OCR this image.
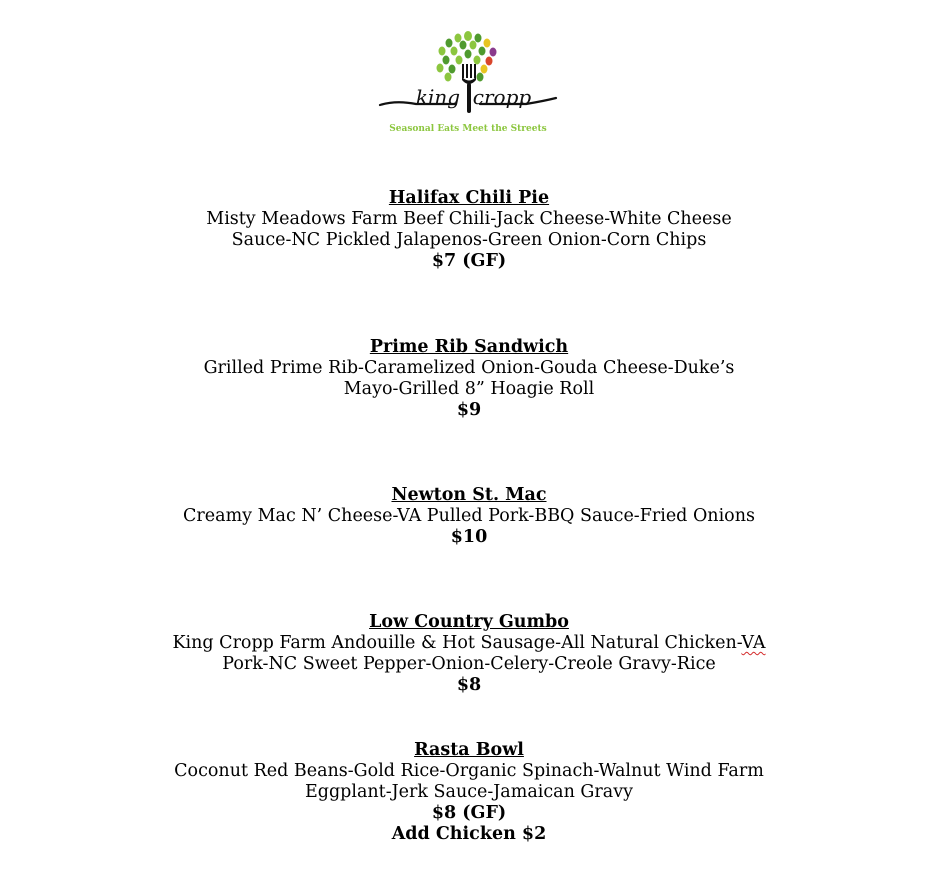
king cropp
Seasonal Eats Meet the Streets
Halifax Chili Pie
Misty Meadows Farm Beef Chili-Jack Cheese-White Cheese
Sauce-NC Pickled Jalapenos-Green Onion-Corn Chips
$7 (GF)
Prime Rib Sandwich
Grilled Prime Rib-Caramelized Onion-Gouda Cheese-Duke’s
Mayo-Grilled 8” Hoagie Roll
$9
Newton St. Mac
Creamy Mac N’ Cheese-VA Pulled Pork-BBQ Sauce-Fried Onions
$10
Low Country Gumbo
King Cropp Farm Andouille & Hot Sausage-All Natural Chicken-VA
Pork-NC Sweet Pepper-Onion-Celery-Creole Gravy-Rice
$8
Rasta Bowl
Coconut Red Beans-Gold Rice-Organic Spinach-Walnut Wind Farm
Eggplant-Jerk Sauce-Jamaican Gravy
$8 (GF)
Add Chicken $2
